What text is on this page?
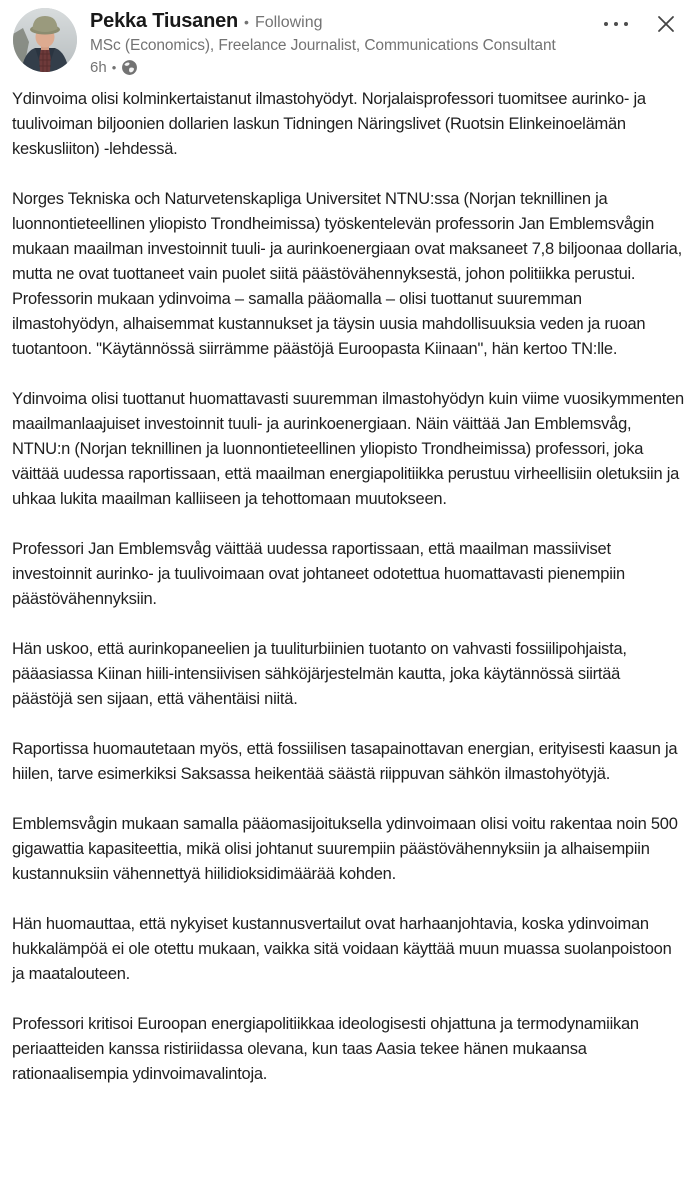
Pekka Tiusanen • Following
MSc (Economics), Freelance Journalist, Communications Consultant
6h •

Ydinvoima olisi kolminkertaistanut ilmastohyödyt. Norjalaisprofessori tuomitsee aurinko- ja tuulivoiman biljoonien dollarien laskun Tidningen Näringslivet (Ruotsin Elinkeinoelämän keskusliiton) -lehdessä.

Norges Tekniska och Naturvetenskapliga Universitet NTNU:ssa (Norjan teknillinen ja luonnontieteellinen yliopisto Trondheimissa) työskentelevän professorin Jan Emblemsvågin mukaan maailman investoinnit tuuli- ja aurinkoenergiaan ovat maksaneet 7,8 biljoonaa dollaria, mutta ne ovat tuottaneet vain puolet siitä päästövähennyksestä, johon politiikka perustui. Professorin mukaan ydinvoima – samalla pääomalla – olisi tuottanut suuremman ilmastohyödyn, alhaisemmat kustannukset ja täysin uusia mahdollisuuksia veden ja ruoan tuotantoon. "Käytännössä siirrämme päästöjä Euroopasta Kiinaan", hän kertoo TN:lle.

Ydinvoima olisi tuottanut huomattavasti suuremman ilmastohyödyn kuin viime vuosikymmenten maailmanlaajuiset investoinnit tuuli- ja aurinkoenergiaan. Näin väittää Jan Emblemsvåg, NTNU:n (Norjan teknillinen ja luonnontieteellinen yliopisto Trondheimissa) professori, joka väittää uudessa raportissaan, että maailman energiapolitiikka perustuu virheellisiin oletuksiin ja uhkaa lukita maailman kalliiseen ja tehottomaan muutokseen.

Professori Jan Emblemsvåg väittää uudessa raportissaan, että maailman massiiviset investoinnit aurinko- ja tuulivoimaan ovat johtaneet odotettua huomattavasti pienempiin päästövähennyksiin.

Hän uskoo, että aurinkopaneelien ja tuuliturbiinien tuotanto on vahvasti fossiilipohjaista, pääasiassa Kiinan hiili-intensiivisen sähköjärjestelmän kautta, joka käytännössä siirtää päästöjä sen sijaan, että vähentäisi niitä.

Raportissa huomautetaan myös, että fossiilisen tasapainottavan energian, erityisesti kaasun ja hiilen, tarve esimerkiksi Saksassa heikentää säästä riippuvan sähkön ilmastohyötyjä.

Emblemsvågin mukaan samalla pääomasijoituksella ydinvoimaan olisi voitu rakentaa noin 500 gigawattia kapasiteettia, mikä olisi johtanut suurempiin päästövähennyksiin ja alhaisempiin kustannuksiin vähennettyä hiilidioksidimäärää kohden.

Hän huomauttaa, että nykyiset kustannusvertailut ovat harhaanjohtavia, koska ydinvoiman hukkalämpöä ei ole otettu mukaan, vaikka sitä voidaan käyttää muun muassa suolanpoistoon ja maatalouteen.

Professori kritisoi Euroopan energiapolitiikkaa ideologisesti ohjattuna ja termodynamiikan periaatteiden kanssa ristiriidassa olevana, kun taas Aasia tekee hänen mukaansa rationaalisempia ydinvoimavalintoja.
